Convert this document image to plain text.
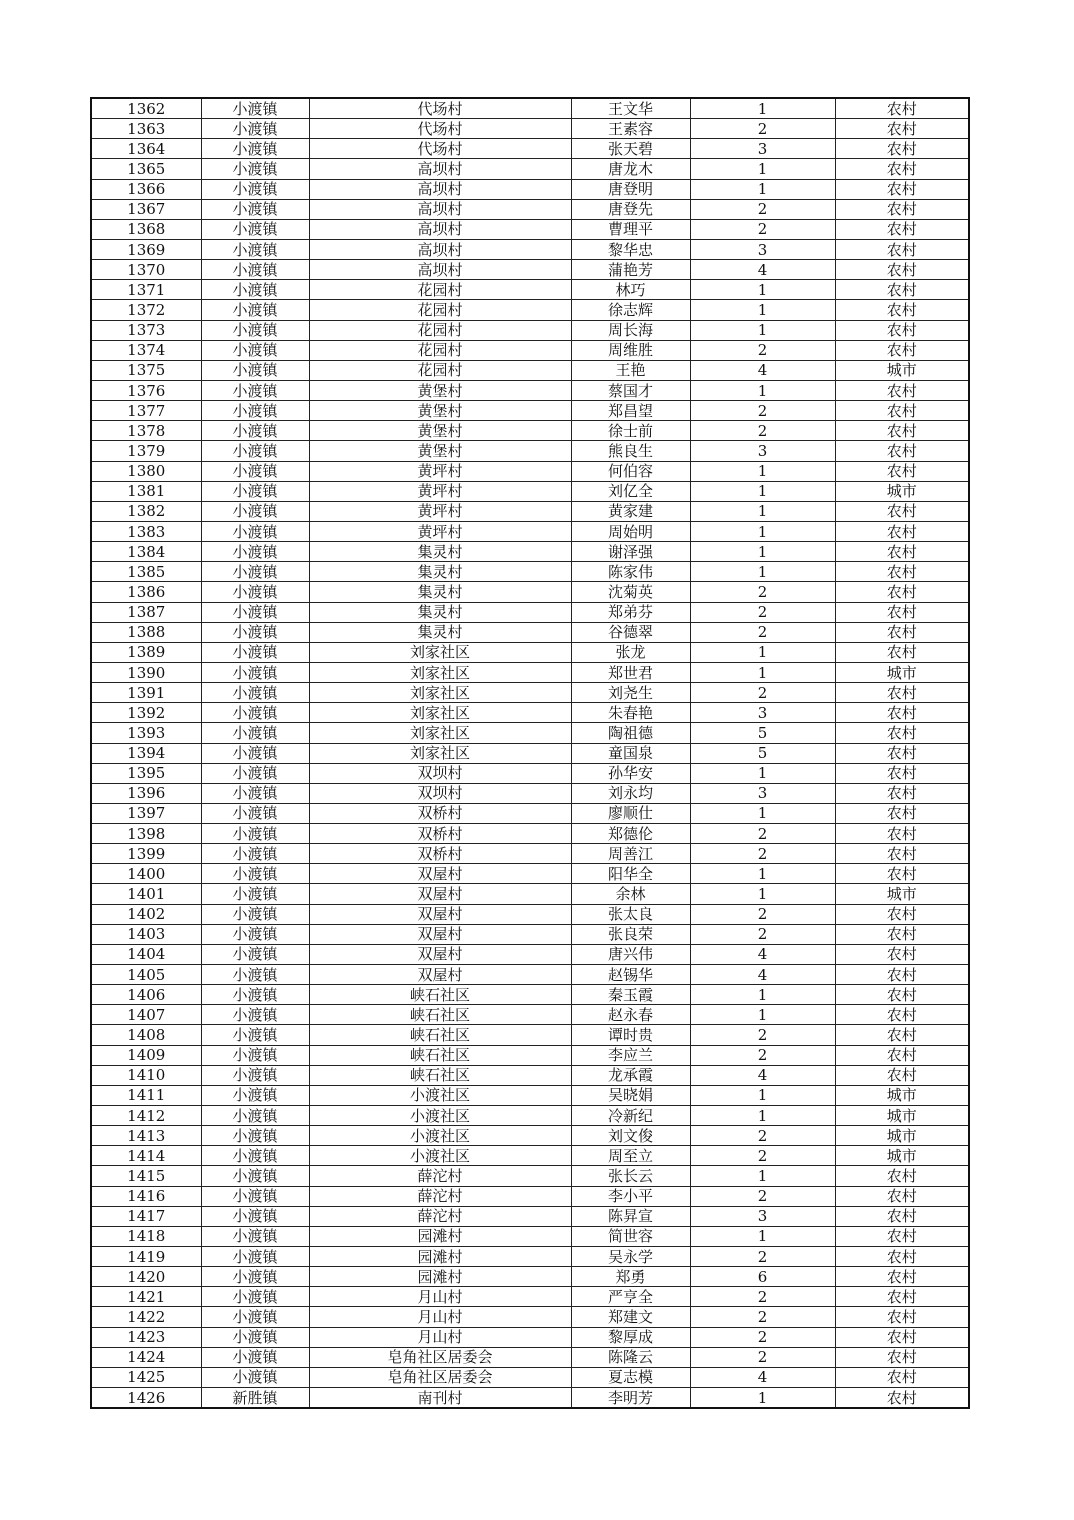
1362	小渡镇	代场村	王文华	1	农村
1363	小渡镇	代场村	王素容	2	农村
1364	小渡镇	代场村	张天碧	3	农村
1365	小渡镇	高坝村	唐龙木	1	农村
1366	小渡镇	高坝村	唐登明	1	农村
1367	小渡镇	高坝村	唐登先	2	农村
1368	小渡镇	高坝村	曹理平	2	农村
1369	小渡镇	高坝村	黎华忠	3	农村
1370	小渡镇	高坝村	蒲艳芳	4	农村
1371	小渡镇	花园村	林巧	1	农村
1372	小渡镇	花园村	徐志辉	1	农村
1373	小渡镇	花园村	周长海	1	农村
1374	小渡镇	花园村	周维胜	2	农村
1375	小渡镇	花园村	王艳	4	城市
1376	小渡镇	黄堡村	蔡国才	1	农村
1377	小渡镇	黄堡村	郑昌望	2	农村
1378	小渡镇	黄堡村	徐士前	2	农村
1379	小渡镇	黄堡村	熊良生	3	农村
1380	小渡镇	黄坪村	何伯容	1	农村
1381	小渡镇	黄坪村	刘亿全	1	城市
1382	小渡镇	黄坪村	黄家建	1	农村
1383	小渡镇	黄坪村	周始明	1	农村
1384	小渡镇	集灵村	谢泽强	1	农村
1385	小渡镇	集灵村	陈家伟	1	农村
1386	小渡镇	集灵村	沈菊英	2	农村
1387	小渡镇	集灵村	郑弟芬	2	农村
1388	小渡镇	集灵村	谷德翠	2	农村
1389	小渡镇	刘家社区	张龙	1	农村
1390	小渡镇	刘家社区	郑世君	1	城市
1391	小渡镇	刘家社区	刘尧生	2	农村
1392	小渡镇	刘家社区	朱春艳	3	农村
1393	小渡镇	刘家社区	陶祖德	5	农村
1394	小渡镇	刘家社区	童国泉	5	农村
1395	小渡镇	双坝村	孙华安	1	农村
1396	小渡镇	双坝村	刘永均	3	农村
1397	小渡镇	双桥村	廖顺仕	1	农村
1398	小渡镇	双桥村	郑德伦	2	农村
1399	小渡镇	双桥村	周善江	2	农村
1400	小渡镇	双屋村	阳华全	1	农村
1401	小渡镇	双屋村	余林	1	城市
1402	小渡镇	双屋村	张太良	2	农村
1403	小渡镇	双屋村	张良荣	2	农村
1404	小渡镇	双屋村	唐兴伟	4	农村
1405	小渡镇	双屋村	赵锡华	4	农村
1406	小渡镇	峡石社区	秦玉霞	1	农村
1407	小渡镇	峡石社区	赵永春	1	农村
1408	小渡镇	峡石社区	谭时贵	2	农村
1409	小渡镇	峡石社区	李应兰	2	农村
1410	小渡镇	峡石社区	龙承霞	4	农村
1411	小渡镇	小渡社区	吴晓娟	1	城市
1412	小渡镇	小渡社区	冷新纪	1	城市
1413	小渡镇	小渡社区	刘文俊	2	城市
1414	小渡镇	小渡社区	周至立	2	城市
1415	小渡镇	薛沱村	张长云	1	农村
1416	小渡镇	薛沱村	李小平	2	农村
1417	小渡镇	薛沱村	陈昇宣	3	农村
1418	小渡镇	园滩村	简世容	1	农村
1419	小渡镇	园滩村	吴永学	2	农村
1420	小渡镇	园滩村	郑勇	6	农村
1421	小渡镇	月山村	严亨全	2	农村
1422	小渡镇	月山村	郑建文	2	农村
1423	小渡镇	月山村	黎厚成	2	农村
1424	小渡镇	皂角社区居委会	陈隆云	2	农村
1425	小渡镇	皂角社区居委会	夏志模	4	农村
1426	新胜镇	南刊村	李明芳	1	农村
